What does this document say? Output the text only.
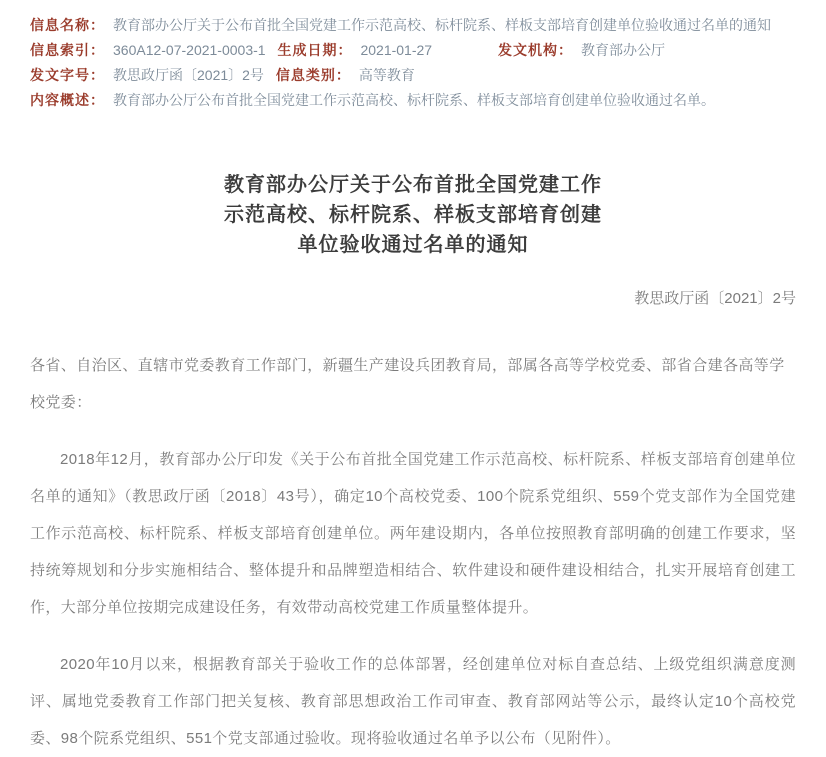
信息名称： 教育部办公厅关于公布首批全国党建工作示范高校、标杆院系、样板支部培育创建单位验收通过名单的通知
信息索引： 360A12-07-2021-0003-1 生成日期： 2021-01-27	发文机构： 教育部办公厅
发文字号： 教思政厅函〔2021〕2号 信息类别： 高等教育
内容概述： 教育部办公厅公布首批全国党建工作示范高校、标杆院系、样板支部培育创建单位验收通过名单。
教育部办公厅关于公布首批全国党建工作
示范高校、标杆院系、样板支部培育创建
单位验收通过名单的通知
教思政厅函〔2021〕2号

各省、自治区、直辖市党委教育工作部门，新疆生产建设兵团教育局，部属各高等学校党委、部省合建各高等学校党委：

2018年12月，教育部办公厅印发《关于公布首批全国党建工作示范高校、标杆院系、样板支部培育创建单位名单的通知》（教思政厅函〔2018〕43号），确定10个高校党委、100个院系党组织、559个党支部作为全国党建工作示范高校、标杆院系、样板支部培育创建单位。两年建设期内，各单位按照教育部明确的创建工作要求，坚持统筹规划和分步实施相结合、整体提升和品牌塑造相结合、软件建设和硬件建设相结合，扎实开展培育创建工作，大部分单位按期完成建设任务，有效带动高校党建工作质量整体提升。

2020年10月以来，根据教育部关于验收工作的总体部署，经创建单位对标自查总结、上级党组织满意度测评、属地党委教育工作部门把关复核、教育部思想政治工作司审查、教育部网站等公示，最终认定10个高校党委、98个院系党组织、551个党支部通过验收。现将验收通过名单予以公布（见附件）。
